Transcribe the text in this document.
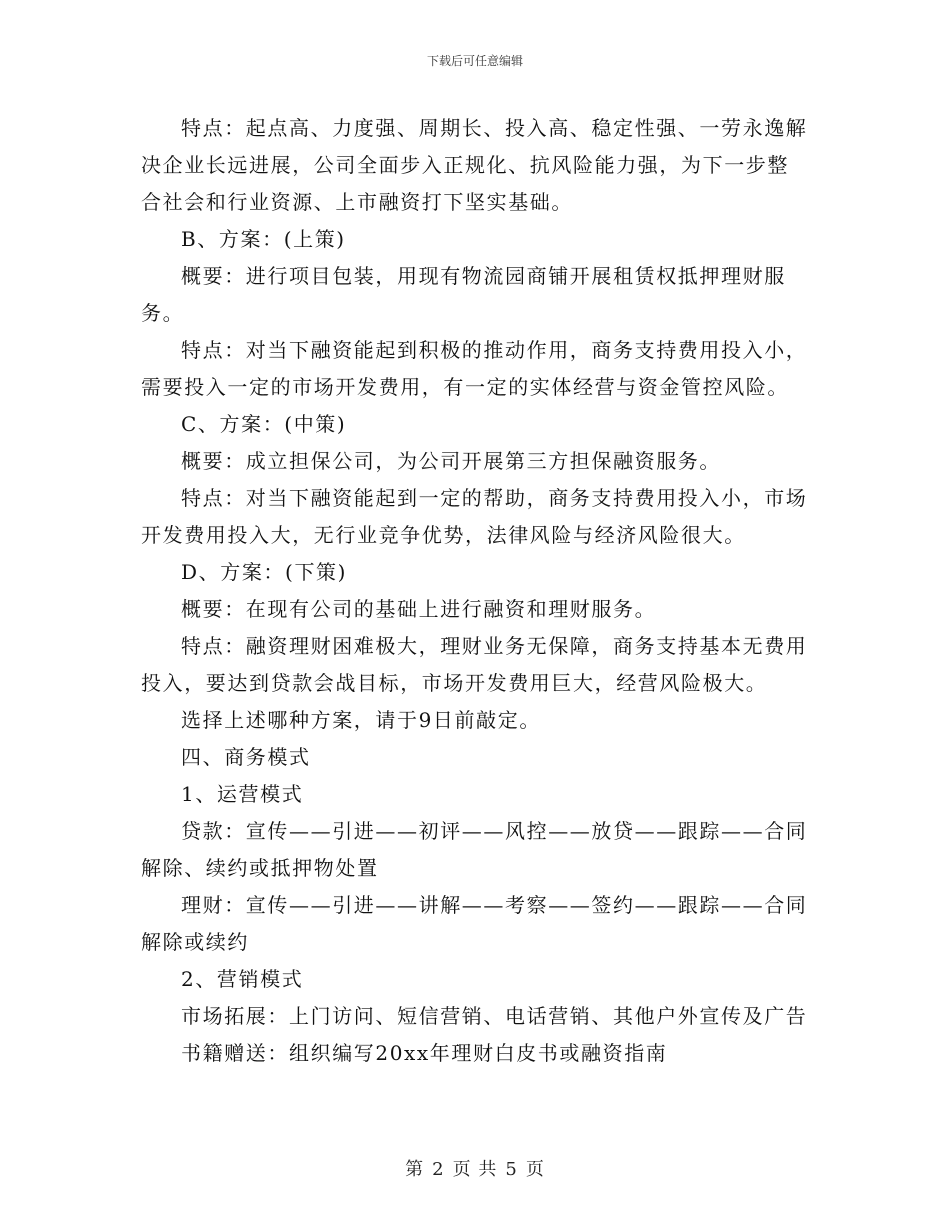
下载后可任意编辑

特点：起点高、力度强、周期长、投入高、稳定性强、一劳永逸解决企业长远进展，公司全面步入正规化、抗风险能力强，为下一步整合社会和行业资源、上市融资打下坚实基础。

B、方案：(上策)

概要：进行项目包装，用现有物流园商铺开展租赁权抵押理财服务。

特点：对当下融资能起到积极的推动作用，商务支持费用投入小，需要投入一定的市场开发费用，有一定的实体经营与资金管控风险。

C、方案：(中策)

概要：成立担保公司，为公司开展第三方担保融资服务。

特点：对当下融资能起到一定的帮助，商务支持费用投入小，市场开发费用投入大，无行业竞争优势，法律风险与经济风险很大。

D、方案：(下策)

概要：在现有公司的基础上进行融资和理财服务。

特点：融资理财困难极大，理财业务无保障，商务支持基本无费用投入，要达到贷款会战目标，市场开发费用巨大，经营风险极大。

选择上述哪种方案，请于9日前敲定。

四、商务模式

1、运营模式

贷款：宣传——引进——初评——风控——放贷——跟踪——合同解除、续约或抵押物处置

理财：宣传——引进——讲解——考察——签约——跟踪——合同解除或续约

2、营销模式

市场拓展：上门访问、短信营销、电话营销、其他户外宣传及广告

书籍赠送：组织编写20xx年理财白皮书或融资指南

第 2 页 共 5 页
